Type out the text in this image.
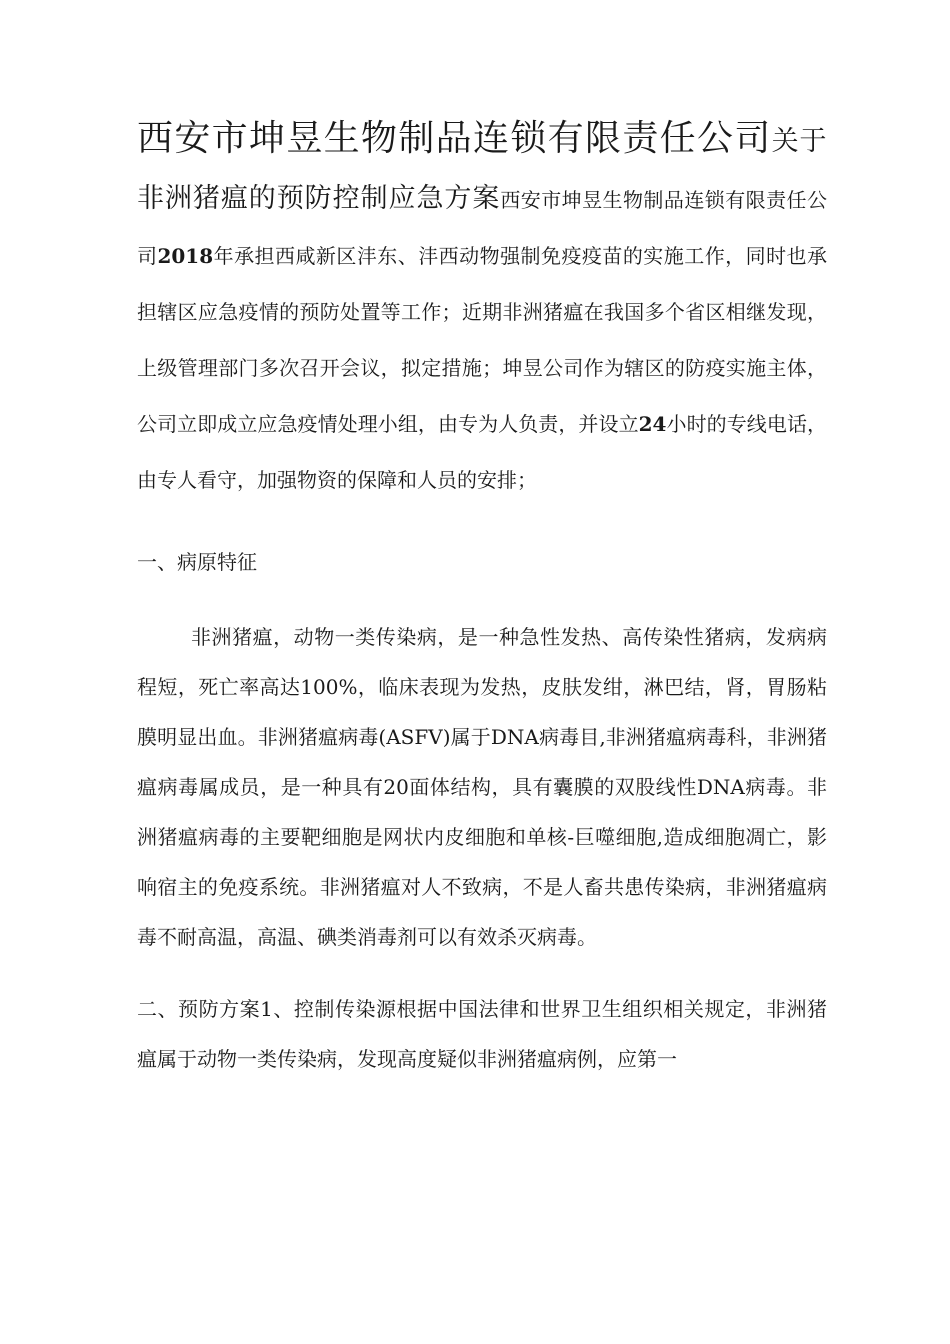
西安市坤昱生物制品连锁有限责任公司关于非洲猪瘟的预防控制应急方案西安市坤昱生物制品连锁有限责任公司2018年承担西咸新区沣东、沣西动物强制免疫疫苗的实施工作，同时也承担辖区应急疫情的预防处置等工作；近期非洲猪瘟在我国多个省区相继发现，上级管理部门多次召开会议，拟定措施；坤昱公司作为辖区的防疫实施主体，公司立即成立应急疫情处理小组，由专为人负责，并设立24小时的专线电话，由专人看守，加强物资的保障和人员的安排；

一、病原特征

非洲猪瘟，动物一类传染病，是一种急性发热、高传染性猪病，发病病程短，死亡率高达100%，临床表现为发热，皮肤发绀，淋巴结，肾，胃肠粘膜明显出血。非洲猪瘟病毒(ASFV)属于DNA病毒目,非洲猪瘟病毒科，非洲猪瘟病毒属成员，是一种具有20面体结构，具有囊膜的双股线性DNA病毒。非洲猪瘟病毒的主要靶细胞是网状内皮细胞和单核-巨噬细胞,造成细胞凋亡，影响宿主的免疫系统。非洲猪瘟对人不致病，不是人畜共患传染病，非洲猪瘟病毒不耐高温，高温、碘类消毒剂可以有效杀灭病毒。

二、预防方案1、控制传染源根据中国法律和世界卫生组织相关规定，非洲猪瘟属于动物一类传染病，发现高度疑似非洲猪瘟病例，应第一
